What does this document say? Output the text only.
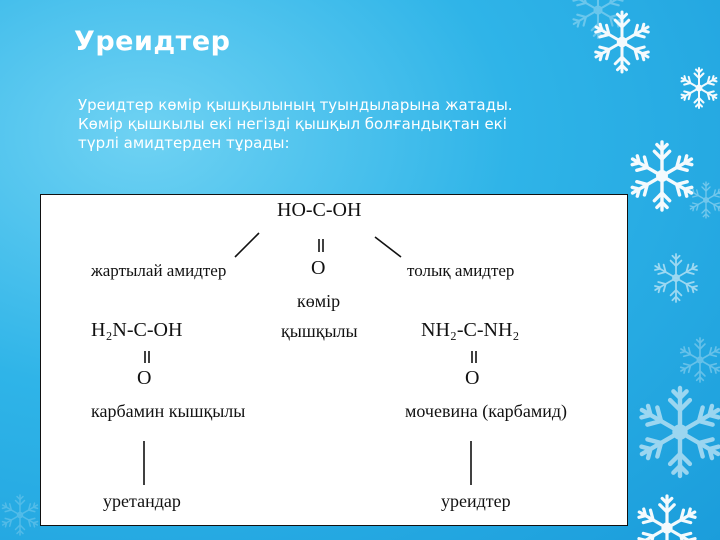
Уреидтер
Уреидтер көмір қышқылының туындыларына жатады.
Көмір қышкылы екі негізді қышқыл болғандықтан екі
түрлі амидтерден тұрады:
НО-С-ОН
О
көмір
қышқылы
жартылай амидтер
Н₂N-C-OH
О
карбамин кышқылы
уретандар
толық амидтер
NH₂-C-NH₂
О
мочевина (карбамид)
уреидтер
